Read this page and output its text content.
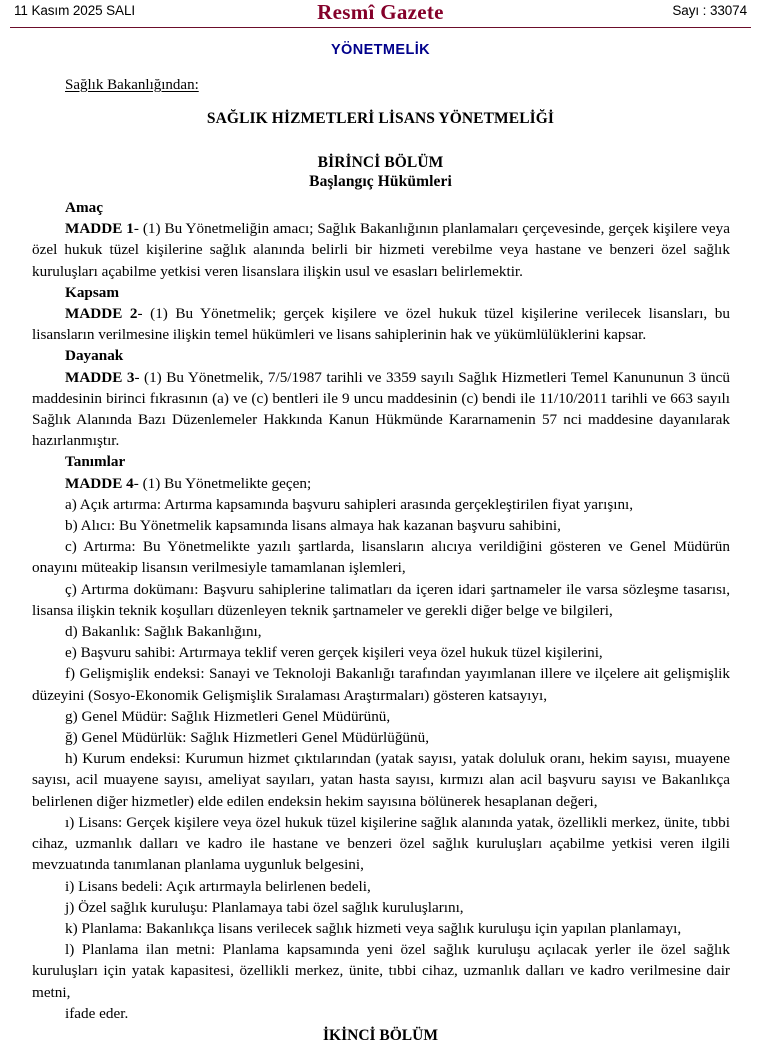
11 Kasım 2025 SALI	Resmî Gazete	Sayı : 33074
YÖNETMELİK
Sağlık Bakanlığından:
SAĞLIK HİZMETLERİ LİSANS YÖNETMELİĞİ
BİRİNCİ BÖLÜM
Başlangıç Hükümleri

Amaç

MADDE 1- (1) Bu Yönetmeliğin amacı; Sağlık Bakanlığının planlamaları çerçevesinde, gerçek kişilere veya özel hukuk tüzel kişilerine sağlık alanında belirli bir hizmeti verebilme veya hastane ve benzeri özel sağlık kuruluşları açabilme yetkisi veren lisanslara ilişkin usul ve esasları belirlemektir.

Kapsam

MADDE 2- (1) Bu Yönetmelik; gerçek kişilere ve özel hukuk tüzel kişilerine verilecek lisansları, bu lisansların verilmesine ilişkin temel hükümleri ve lisans sahiplerinin hak ve yükümlülüklerini kapsar.

Dayanak

MADDE 3- (1) Bu Yönetmelik, 7/5/1987 tarihli ve 3359 sayılı Sağlık Hizmetleri Temel Kanununun 3 üncü maddesinin birinci fıkrasının (a) ve (c) bentleri ile 9 uncu maddesinin (c) bendi ile 11/10/2011 tarihli ve 663 sayılı Sağlık Alanında Bazı Düzenlemeler Hakkında Kanun Hükmünde Kararnamenin 57 nci maddesine dayanılarak hazırlanmıştır.

Tanımlar

MADDE 4- (1) Bu Yönetmelikte geçen;

a) Açık artırma: Artırma kapsamında başvuru sahipleri arasında gerçekleştirilen fiyat yarışını,

b) Alıcı: Bu Yönetmelik kapsamında lisans almaya hak kazanan başvuru sahibini,

c) Artırma: Bu Yönetmelikte yazılı şartlarda, lisansların alıcıya verildiğini gösteren ve Genel Müdürün onayını müteakip lisansın verilmesiyle tamamlanan işlemleri,

ç) Artırma dokümanı: Başvuru sahiplerine talimatları da içeren idari şartnameler ile varsa sözleşme tasarısı, lisansa ilişkin teknik koşulları düzenleyen teknik şartnameler ve gerekli diğer belge ve bilgileri,

d) Bakanlık: Sağlık Bakanlığını,

e) Başvuru sahibi: Artırmaya teklif veren gerçek kişileri veya özel hukuk tüzel kişilerini,

f) Gelişmişlik endeksi: Sanayi ve Teknoloji Bakanlığı tarafından yayımlanan illere ve ilçelere ait gelişmişlik düzeyini (Sosyo-Ekonomik Gelişmişlik Sıralaması Araştırmaları) gösteren katsayıyı,

g) Genel Müdür: Sağlık Hizmetleri Genel Müdürünü,

ğ) Genel Müdürlük: Sağlık Hizmetleri Genel Müdürlüğünü,

h) Kurum endeksi: Kurumun hizmet çıktılarından (yatak sayısı, yatak doluluk oranı, hekim sayısı, muayene sayısı, acil muayene sayısı, ameliyat sayıları, yatan hasta sayısı, kırmızı alan acil başvuru sayısı ve Bakanlıkça belirlenen diğer hizmetler) elde edilen endeksin hekim sayısına bölünerek hesaplanan değeri,

ı) Lisans: Gerçek kişilere veya özel hukuk tüzel kişilerine sağlık alanında yatak, özellikli merkez, ünite, tıbbi cihaz, uzmanlık dalları ve kadro ile hastane ve benzeri özel sağlık kuruluşları açabilme yetkisi veren ilgili mevzuatında tanımlanan planlama uygunluk belgesini,

i) Lisans bedeli: Açık artırmayla belirlenen bedeli,

j) Özel sağlık kuruluşu: Planlamaya tabi özel sağlık kuruluşlarını,

k) Planlama: Bakanlıkça lisans verilecek sağlık hizmeti veya sağlık kuruluşu için yapılan planlamayı,

l) Planlama ilan metni: Planlama kapsamında yeni özel sağlık kuruluşu açılacak yerler ile özel sağlık kuruluşları için yatak kapasitesi, özellikli merkez, ünite, tıbbi cihaz, uzmanlık dalları ve kadro verilmesine dair metni,

ifade eder.

İKİNCİ BÖLÜM
